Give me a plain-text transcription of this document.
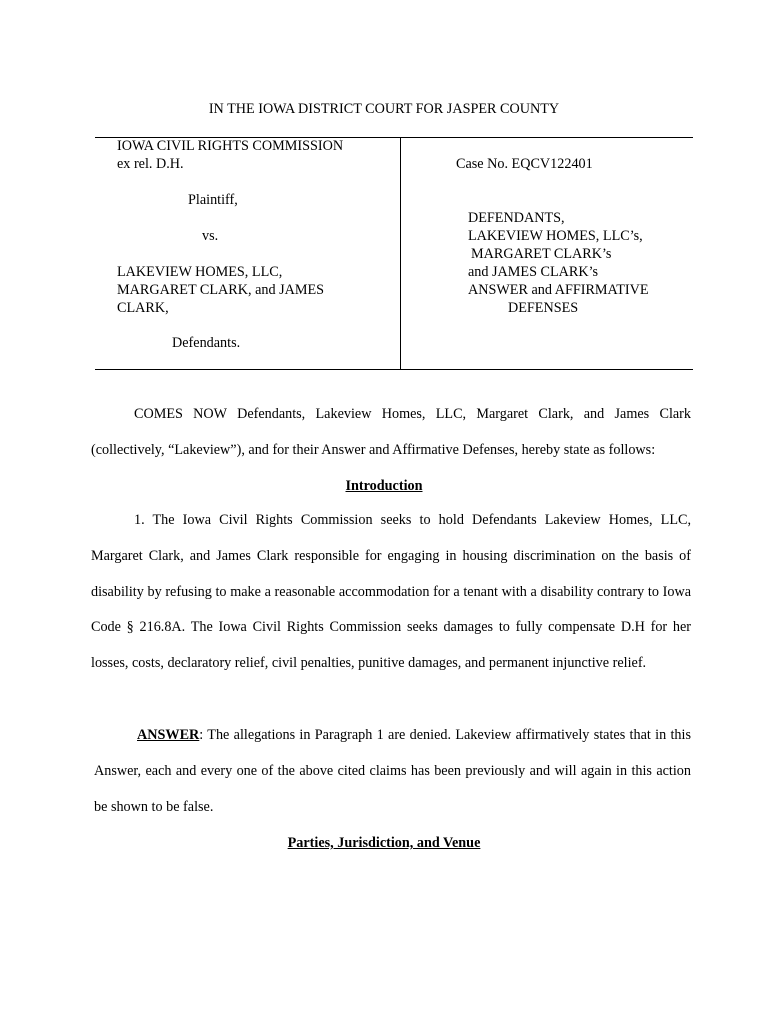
IN THE IOWA DISTRICT COURT FOR JASPER COUNTY
IOWA CIVIL RIGHTS COMMISSION
ex rel. D.H.
Plaintiff,
vs.
LAKEVIEW HOMES, LLC,
MARGARET CLARK, and JAMES
CLARK,
Defendants.
Case No. EQCV122401
DEFENDANTS,
LAKEVIEW HOMES, LLC’s,
MARGARET CLARK’s
and JAMES CLARK’s
ANSWER and AFFIRMATIVE
DEFENSES

COMES NOW Defendants, Lakeview Homes, LLC, Margaret Clark, and James Clark (collectively, “Lakeview”), and for their Answer and Affirmative Defenses, hereby state as follows:

Introduction

1. The Iowa Civil Rights Commission seeks to hold Defendants Lakeview Homes, LLC, Margaret Clark, and James Clark responsible for engaging in housing discrimination on the basis of disability by refusing to make a reasonable accommodation for a tenant with a disability contrary to Iowa Code § 216.8A. The Iowa Civil Rights Commission seeks damages to fully compensate D.H for her losses, costs, declaratory relief, civil penalties, punitive damages, and permanent injunctive relief.

ANSWER: The allegations in Paragraph 1 are denied. Lakeview affirmatively states that in this Answer, each and every one of the above cited claims has been previously and will again in this action be shown to be false.

Parties, Jurisdiction, and Venue
